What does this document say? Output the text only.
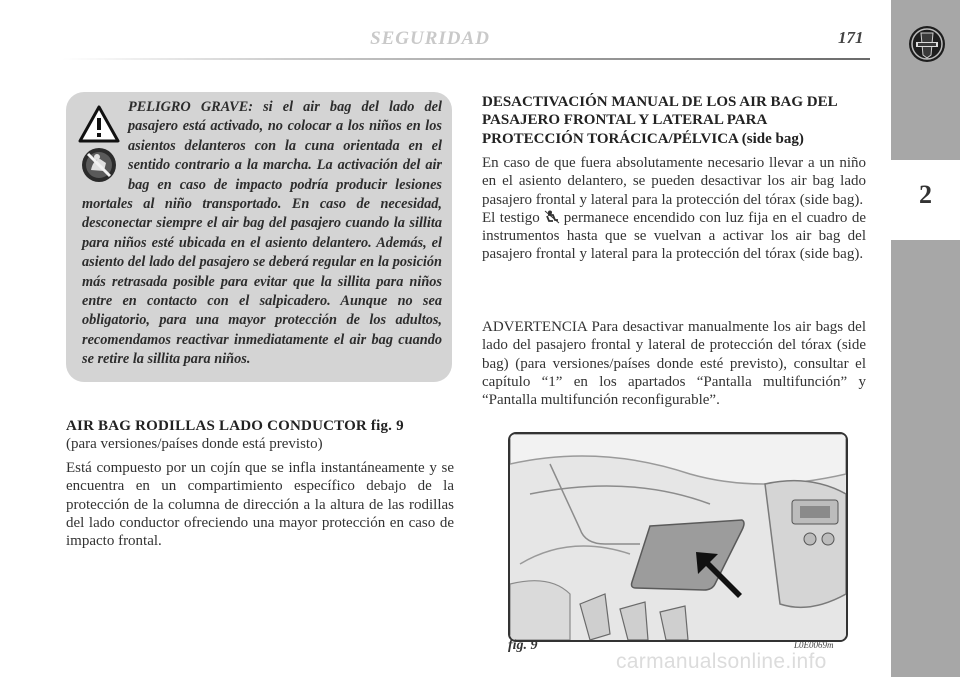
SEGURIDAD	171
2

PELIGRO GRAVE: si el air bag del lado del pasajero está activado, no colocar a los niños en los asientos delanteros con la cuna orientada en el sentido contrario a la marcha. La activación del air bag en caso de impacto podría producir lesiones mortales al niño transportado. En caso de necesidad, desconectar siempre el air bag del pasajero cuando la sillita para niños esté ubicada en el asiento delantero. Además, el asiento del lado del pasajero se deberá regular en la posición más retrasada posible para evitar que la sillita para niños entre en contacto con el salpicadero. Aunque no sea obligatorio, para una mayor protección de los adultos, recomendamos reactivar inmediatamente el air bag cuando se retire la sillita para niños.

AIR BAG RODILLAS LADO CONDUCTOR fig. 9

(para versiones/países donde está previsto)

Está compuesto por un cojín que se infla instantáneamente y se encuentra en un compartimiento específico debajo de la protección de la columna de dirección a la altura de las rodillas del lado conductor ofreciendo una mayor protección en caso de impacto frontal.

DESACTIVACIÓN MANUAL DE LOS AIR BAG DEL PASAJERO FRONTAL Y LATERAL PARA PROTECCIÓN TORÁCICA/PÉLVICA (side bag)

En caso de que fuera absolutamente necesario llevar a un niño en el asiento delantero, se pueden desactivar los air bag lado pasajero frontal y lateral para la protección del tórax (side bag).
El testigo permanece encendido con luz fija en el cuadro de instrumentos hasta que se vuelvan a activar los air bag del pasajero frontal y lateral para la protección del tórax (side bag).

ADVERTENCIA Para desactivar manualmente los air bags del lado del pasajero frontal y lateral de protección del tórax (side bag) (para versiones/países donde esté previsto), consultar el capítulo “1” en los apartados “Pantalla multifunción” y “Pantalla multifunción reconfigurable”.

fig. 9	L0E0069m
carmanualsonline.info
